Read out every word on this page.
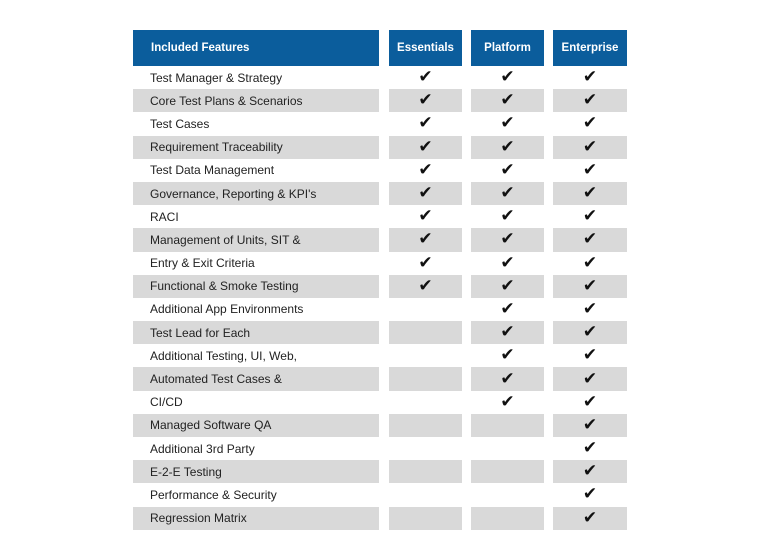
Included Features
Test Manager & Strategy
Core Test Plans & Scenarios
Test Cases
Requirement Traceability
Test Data Management
Governance, Reporting & KPI's
RACI
Management of Units, SIT &
Entry & Exit Criteria
Functional & Smoke Testing
Additional App Environments
Test Lead for Each
Additional Testing, UI, Web,
Automated Test Cases &
CI/CD
Managed Software QA
Additional 3rd Party
E-2-E Testing
Performance & Security
Regression Matrix
Essentials
✔
✔
✔
✔
✔
✔
✔
✔
✔
✔
Platform
✔
✔
✔
✔
✔
✔
✔
✔
✔
✔
✔
✔
✔
✔
✔
Enterprise
✔
✔
✔
✔
✔
✔
✔
✔
✔
✔
✔
✔
✔
✔
✔
✔
✔
✔
✔
✔
